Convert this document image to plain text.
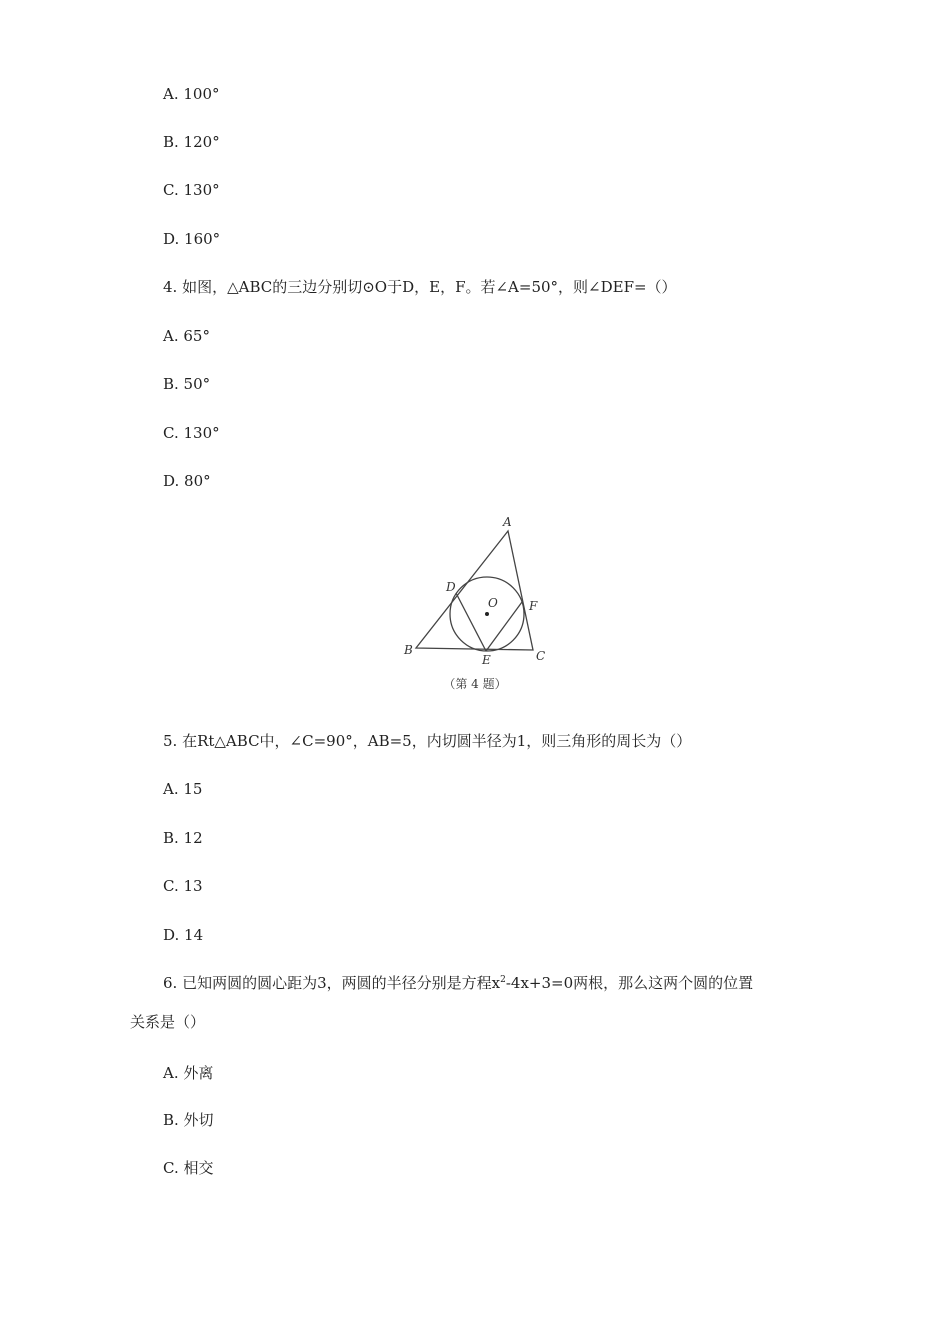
A. 100°
B. 120°
C. 130°
D. 160°
4. 如图，△ABC的三边分别切⊙O于D，E，F。若∠A=50°，则∠DEF=（）
A. 65°
B. 50°
C. 130°
D. 80°
A
B	C
D
E
F
O
（第 4 题）
5. 在Rt△ABC中，∠C=90°，AB=5，内切圆半径为1，则三角形的周长为（）
A. 15
B. 12
C. 13
D. 14
6. 已知两圆的圆心距为3，两圆的半径分别是方程$x^2-4x+3=0$两根，那么这两个圆的位置
关系是（）
A. 外离
B. 外切
C. 相交
